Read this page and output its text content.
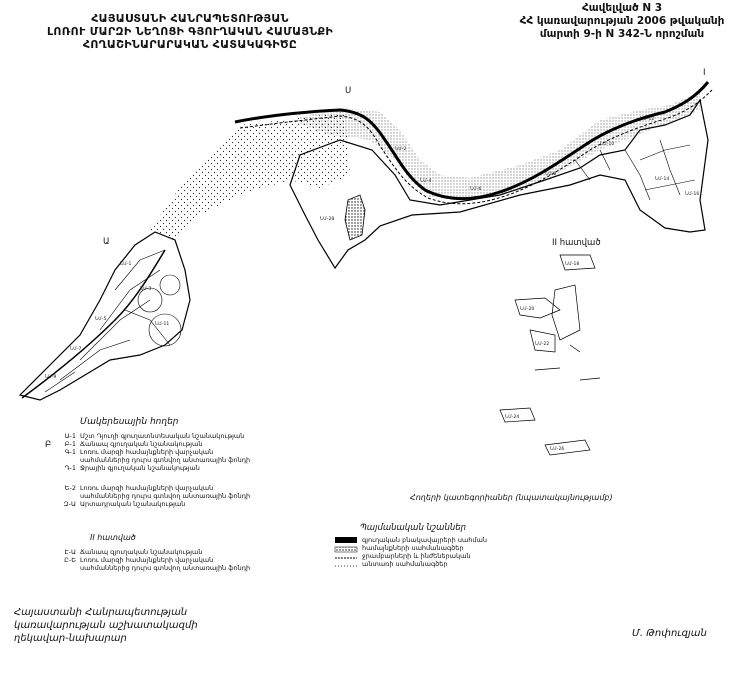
ՀԱՅԱՍՏԱՆԻ ՀԱՆՐԱՊԵՏՈՒԹՅԱՆ
ԼՈՌՈՒ ՄԱՐԶԻ ՆԵՂՈՑԻ ԳՅՈՒՂԱԿԱՆ ՀԱՄԱՅՆՔԻ
ՀՈՂԱՇԻՆԱՐԱՐԱԿԱՆ ՀԱՏԱԿԱԳԻԾԸ
Հավելված N 3
ՀՀ կառավարության 2006 թվականի
մարտի 9-ի N 342-Ն որոշման
ՆՄ-1
ՆՄ-3
ՆՄ-5
ՆՄ-7
ՆՄ-9
ՆՄ-11
ՆՄ-2
ՆՄ-4
ՆՄ-6
ՆՄ-8
ՆՄ-10
ՆՄ-12
ՆՄ-14
ՆՄ-16
ՆՄ-18
ՆՄ-20
ՆՄ-22
ՆՄ-24
ՆՄ-26
ՆՄ-28
Ս
I
Ա
Բ
II հատված
Հողերի կատեգորիաներ (նպատակայնությամբ)
Մակերեսային հողեր
Ա-1 Մշտ Դյուղի գյուղատնտեսական նշանակության
Բ-1 Ճանապ գյուղական նշանակության
Գ-1 Լոռու մարզի համայնքների վարչական
սահմաններից դուրս գտնվող անտառային ֆոնդի
Դ-1 Ջրային գյուղական նշանակության
Ե-2 Լոռու մարզի համայնքների վարչական
սահմաններից դուրս գտնվող անտառային ֆոնդի
Զ-Ա Արտադրական նշանակության
II հատված
Է-Ա Ճանապ գյուղական նշանակության
Ը-Ե Լոռու մարզի համայնքների վարչական
սահմաններից դուրս գտնվող անտառային ֆոնդի
Պայմանական նշաններ
գյուղական բնակավայրերի սահման
համայնքների սահմանագծեր
ջրամբարների և ինժեներական
անտառի սահմանագծեր
Հայաստանի Հանրապետության
կառավարության աշխատակազմի
ղեկավար-նախարար	Մ. Թոփուզյան
